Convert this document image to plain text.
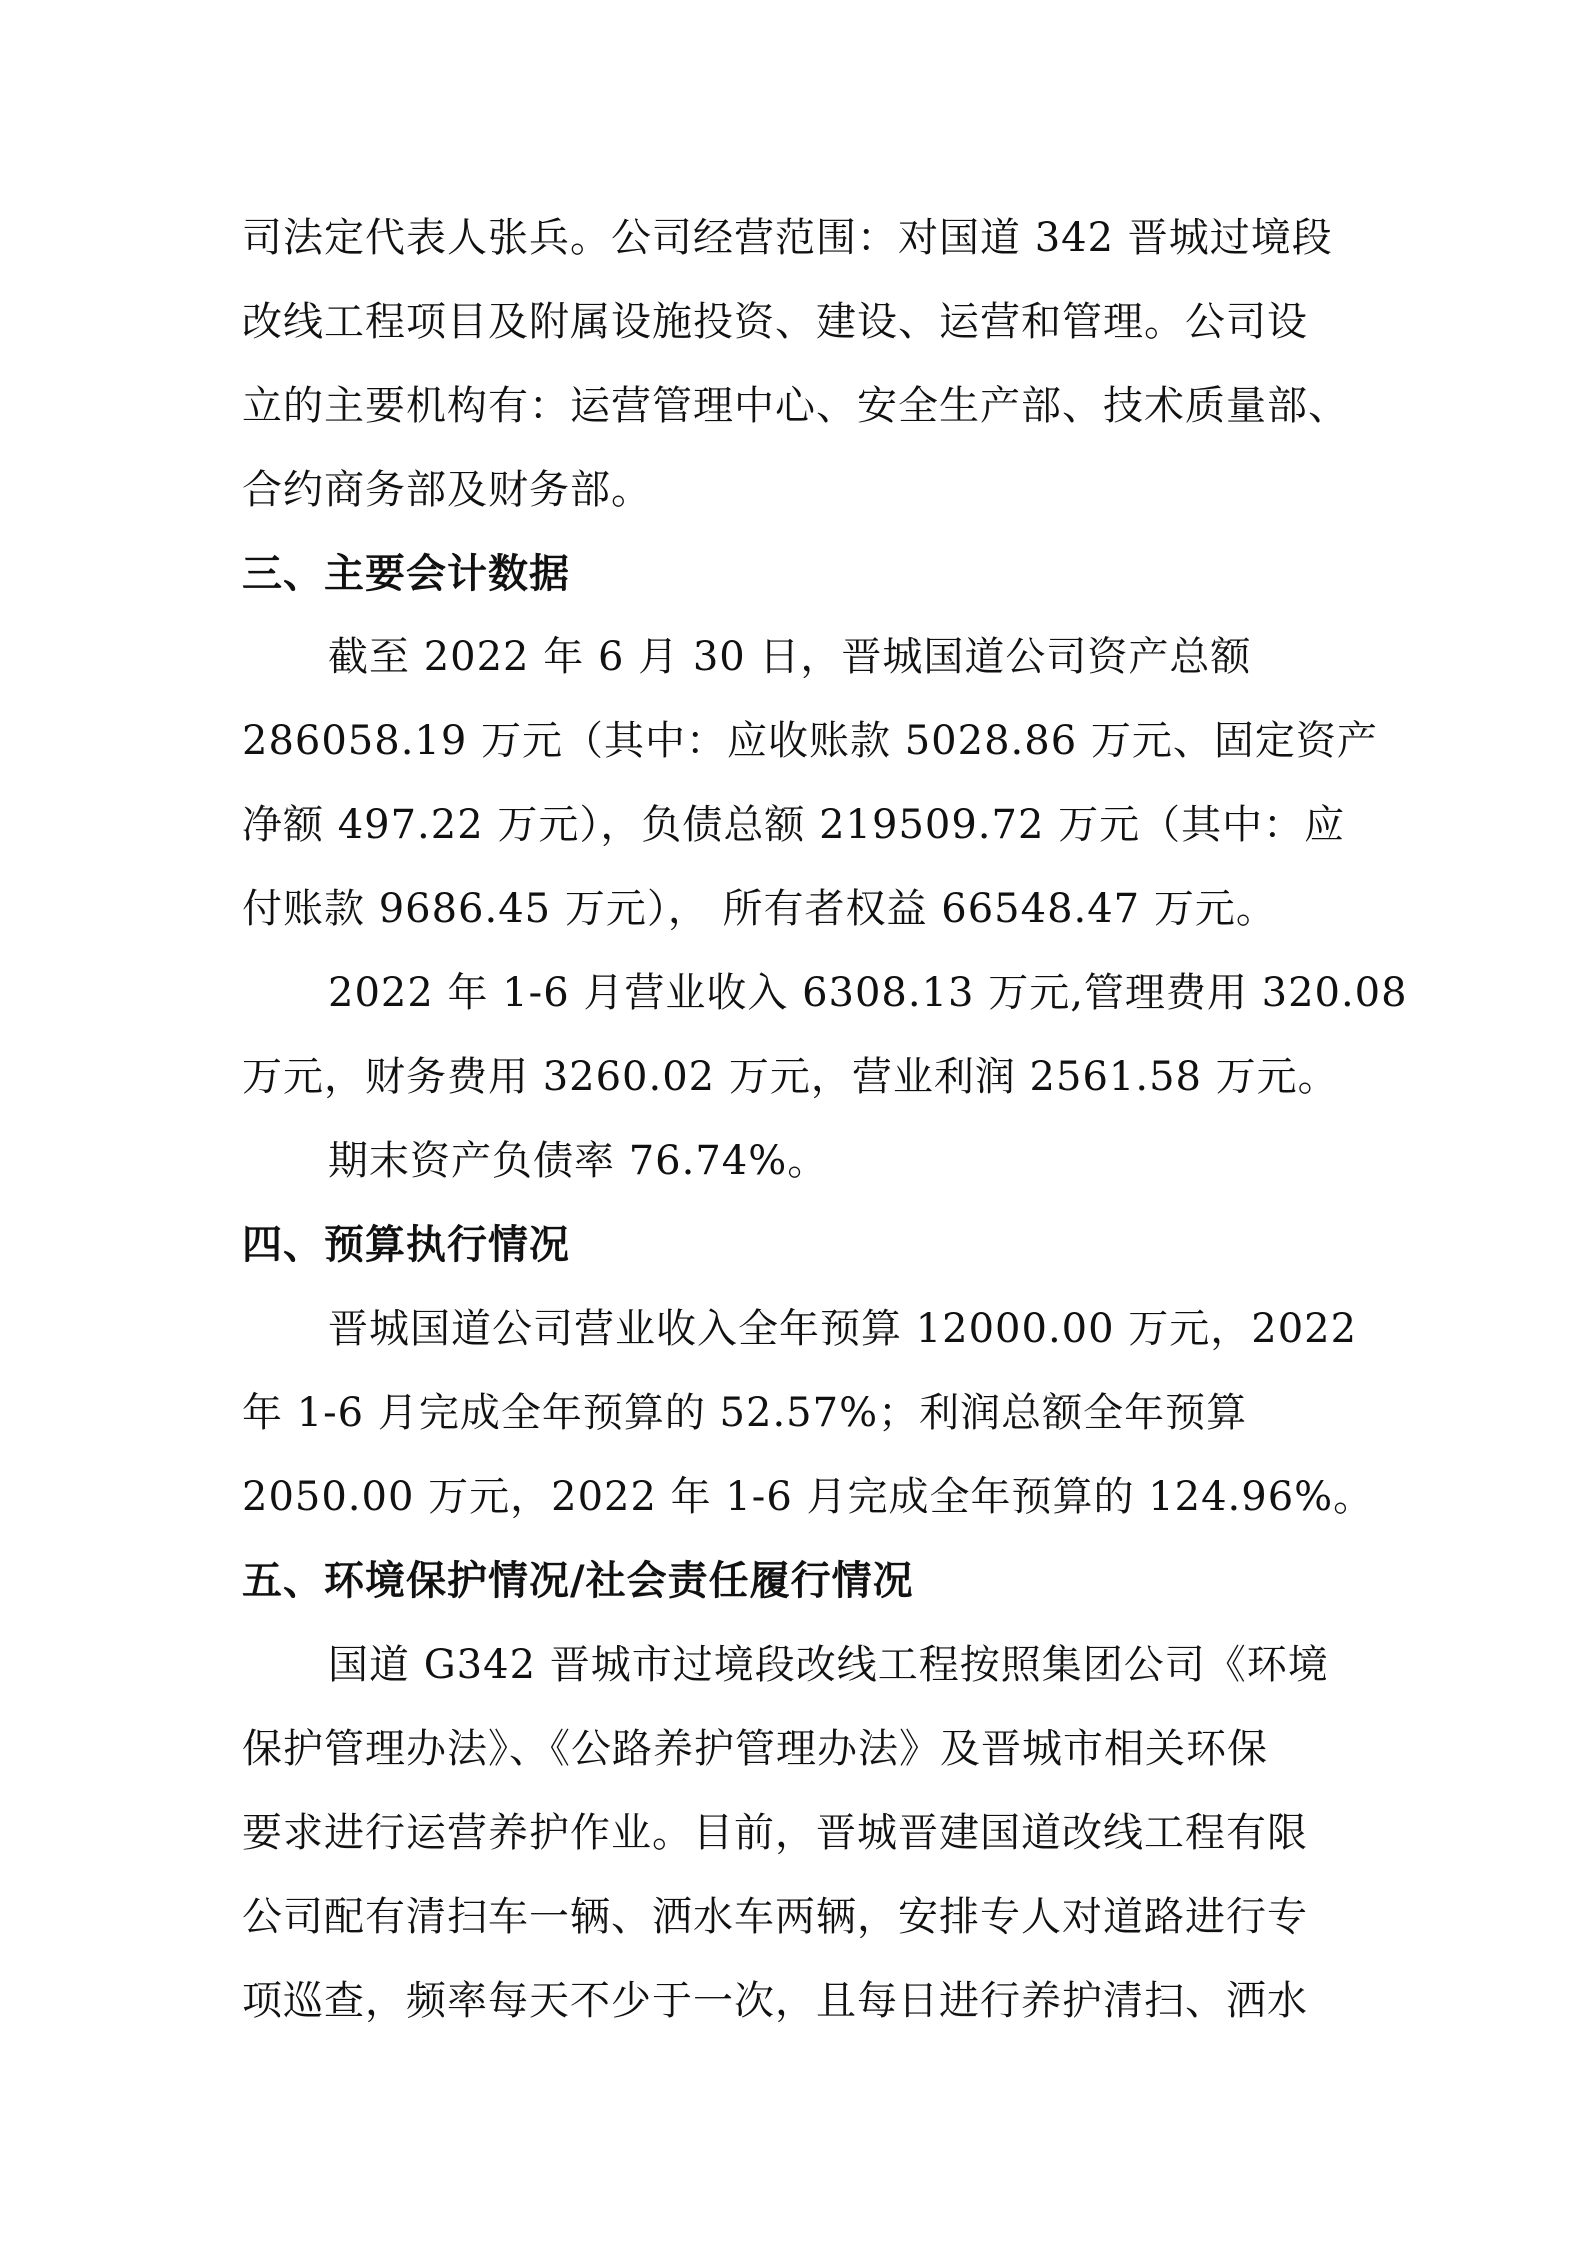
司法定代表人张兵。公司经营范围：对国道 342 晋城过境段
改线工程项目及附属设施投资、建设、运营和管理。公司设
立的主要机构有：运营管理中心、安全生产部、技术质量部、
合约商务部及财务部。
三、主要会计数据
截至 2022 年 6 月 30 日，晋城国道公司资产总额
286058.19 万元（其中：应收账款 5028.86 万元、固定资产
净额 497.22 万元），负债总额 219509.72 万元（其中：应
付账款 9686.45 万元）， 所有者权益 66548.47 万元。
2022 年 1-6 月营业收入 6308.13 万元,管理费用 320.08
万元，财务费用 3260.02 万元，营业利润 2561.58 万元。
期末资产负债率 76.74%。
四、预算执行情况
晋城国道公司营业收入全年预算 12000.00 万元，2022
年 1-6 月完成全年预算的 52.57%；利润总额全年预算
2050.00 万元，2022 年 1-6 月完成全年预算的 124.96%。
五、环境保护情况/社会责任履行情况
国道 G342 晋城市过境段改线工程按照集团公司《环境
保护管理办法》、《公路养护管理办法》及晋城市相关环保
要求进行运营养护作业。目前，晋城晋建国道改线工程有限
公司配有清扫车一辆、洒水车两辆，安排专人对道路进行专
项巡查，频率每天不少于一次，且每日进行养护清扫、洒水
